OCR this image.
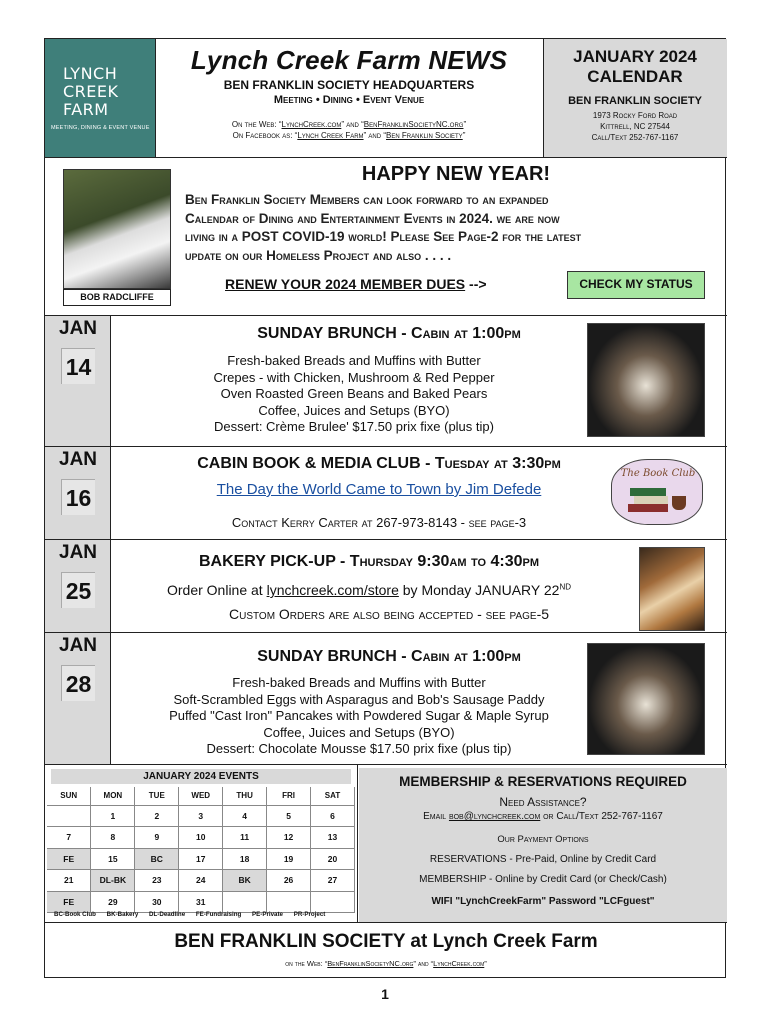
LYNCH
CREEK
FARM
MEETING, DINING & EVENT VENUE
Lynch Creek Farm NEWS
BEN FRANKLIN SOCIETY HEADQUARTERS
Meeting • Dining • Event Venue
On the Web: “LynchCreek.com” and “BenFranklinSocietyNC.org”
On Facebook as: “Lynch Creek Farm” and “Ben Franklin Society”
JANUARY 2024
CALENDAR
BEN FRANKLIN SOCIETY
1973 Rocky Ford Road
Kittrell, NC 27544
Call/Text 252-767-1167
BOB RADCLIFFE
HAPPY NEW YEAR!
Ben Franklin Society Members can look forward to an expanded
Calendar of Dining and Entertainment Events in 2024. we are now
living in a POST COVID-19 world! Please See Page-2 for the latest
update on our Homeless Project and also . . . .
RENEW YOUR 2024 MEMBER DUES -->	CHECK MY STATUS
JAN
14
SUNDAY BRUNCH - Cabin at 1:00pm
Fresh-baked Breads and Muffins with Butter
Crepes - with Chicken, Mushroom & Red Pepper
Oven Roasted Green Beans and Baked Pears
Coffee, Juices and Setups (BYO)
Dessert: Crème Brulee' $17.50 prix fixe (plus tip)
JAN
16
CABIN BOOK & MEDIA CLUB - Tuesday at 3:30pm
The Day the World Came to Town by Jim Defede
Contact Kerry Carter at 267-973-8143 - see page-3
The Book Club
JAN
25
BAKERY PICK-UP - Thursday 9:30am to 4:30pm
Order Online at lynchcreek.com/store by Monday JANUARY 22ND
Custom Orders are also being accepted - see page-5
JAN
28
SUNDAY BRUNCH - Cabin at 1:00pm
Fresh-baked Breads and Muffins with Butter
Soft-Scrambled Eggs with Asparagus and Bob's Sausage Paddy
Puffed "Cast Iron" Pancakes with Powdered Sugar & Maple Syrup
Coffee, Juices and Setups (BYO)
Dessert: Chocolate Mousse $17.50 prix fixe (plus tip)
JANUARY 2024 EVENTS
SUN	MON	TUE	WED	THU	FRI	SAT
	1	2	3	4	5	6
7	8	9	10	11	12	13
FE	15	BC	17	18	19	20
21	DL-BK	23	24	BK	26	27
FE	29	30	31			
BC-Book Club BK-Bakery DL-Deadline FE-Fundraising PE-Private PR-Project
MEMBERSHIP & RESERVATIONS REQUIRED
Need Assistance?
Email bob@lynchcreek.com or Call/Text 252-767-1167
Our Payment Options
RESERVATIONS - Pre-Paid, Online by Credit Card
MEMBERSHIP - Online by Credit Card (or Check/Cash)
WIFI "LynchCreekFarm" Password "LCFguest"
BEN FRANKLIN SOCIETY at Lynch Creek Farm
on the Web: “BenFranklinSocietyNC.org” and “LynchCreek.com”
1
